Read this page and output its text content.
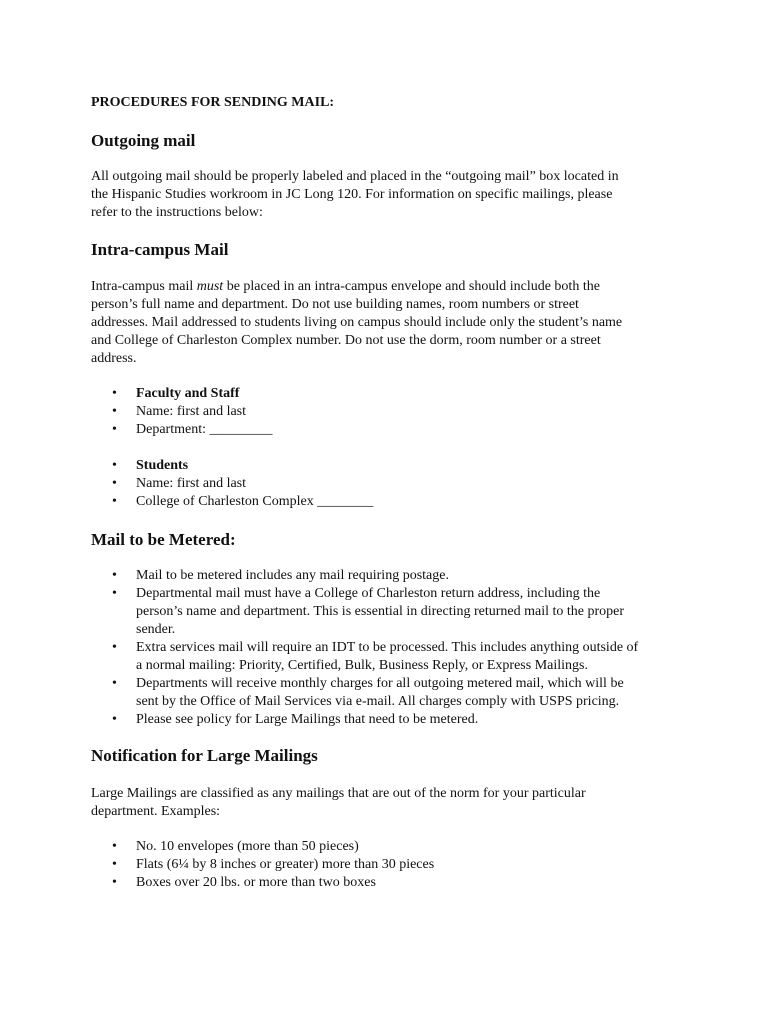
PROCEDURES FOR SENDING MAIL:

Outgoing mail
All outgoing mail should be properly labeled and placed in the “outgoing mail” box located in
the Hispanic Studies workroom in JC Long 120. For information on specific mailings, please
refer to the instructions below:
Intra-campus Mail
Intra-campus mail must be placed in an intra-campus envelope and should include both the
person’s full name and department. Do not use building names, room numbers or street
addresses. Mail addressed to students living on campus should include only the student’s name
and College of Charleston Complex number. Do not use the dorm, room number or a street
address.
• Faculty and Staff
• Name: first and last
• Department: _________
• Students
• Name: first and last
• College of Charleston Complex ________
Mail to be Metered:
• Mail to be metered includes any mail requiring postage.
• Departmental mail must have a College of Charleston return address, including the
person’s name and department. This is essential in directing returned mail to the proper
sender.
• Extra services mail will require an IDT to be processed. This includes anything outside of
a normal mailing: Priority, Certified, Bulk, Business Reply, or Express Mailings.
• Departments will receive monthly charges for all outgoing metered mail, which will be
sent by the Office of Mail Services via e-mail. All charges comply with USPS pricing.
• Please see policy for Large Mailings that need to be metered.
Notification for Large Mailings
Large Mailings are classified as any mailings that are out of the norm for your particular
department. Examples:
• No. 10 envelopes (more than 50 pieces)
• Flats (6¼ by 8 inches or greater) more than 30 pieces
• Boxes over 20 lbs. or more than two boxes
